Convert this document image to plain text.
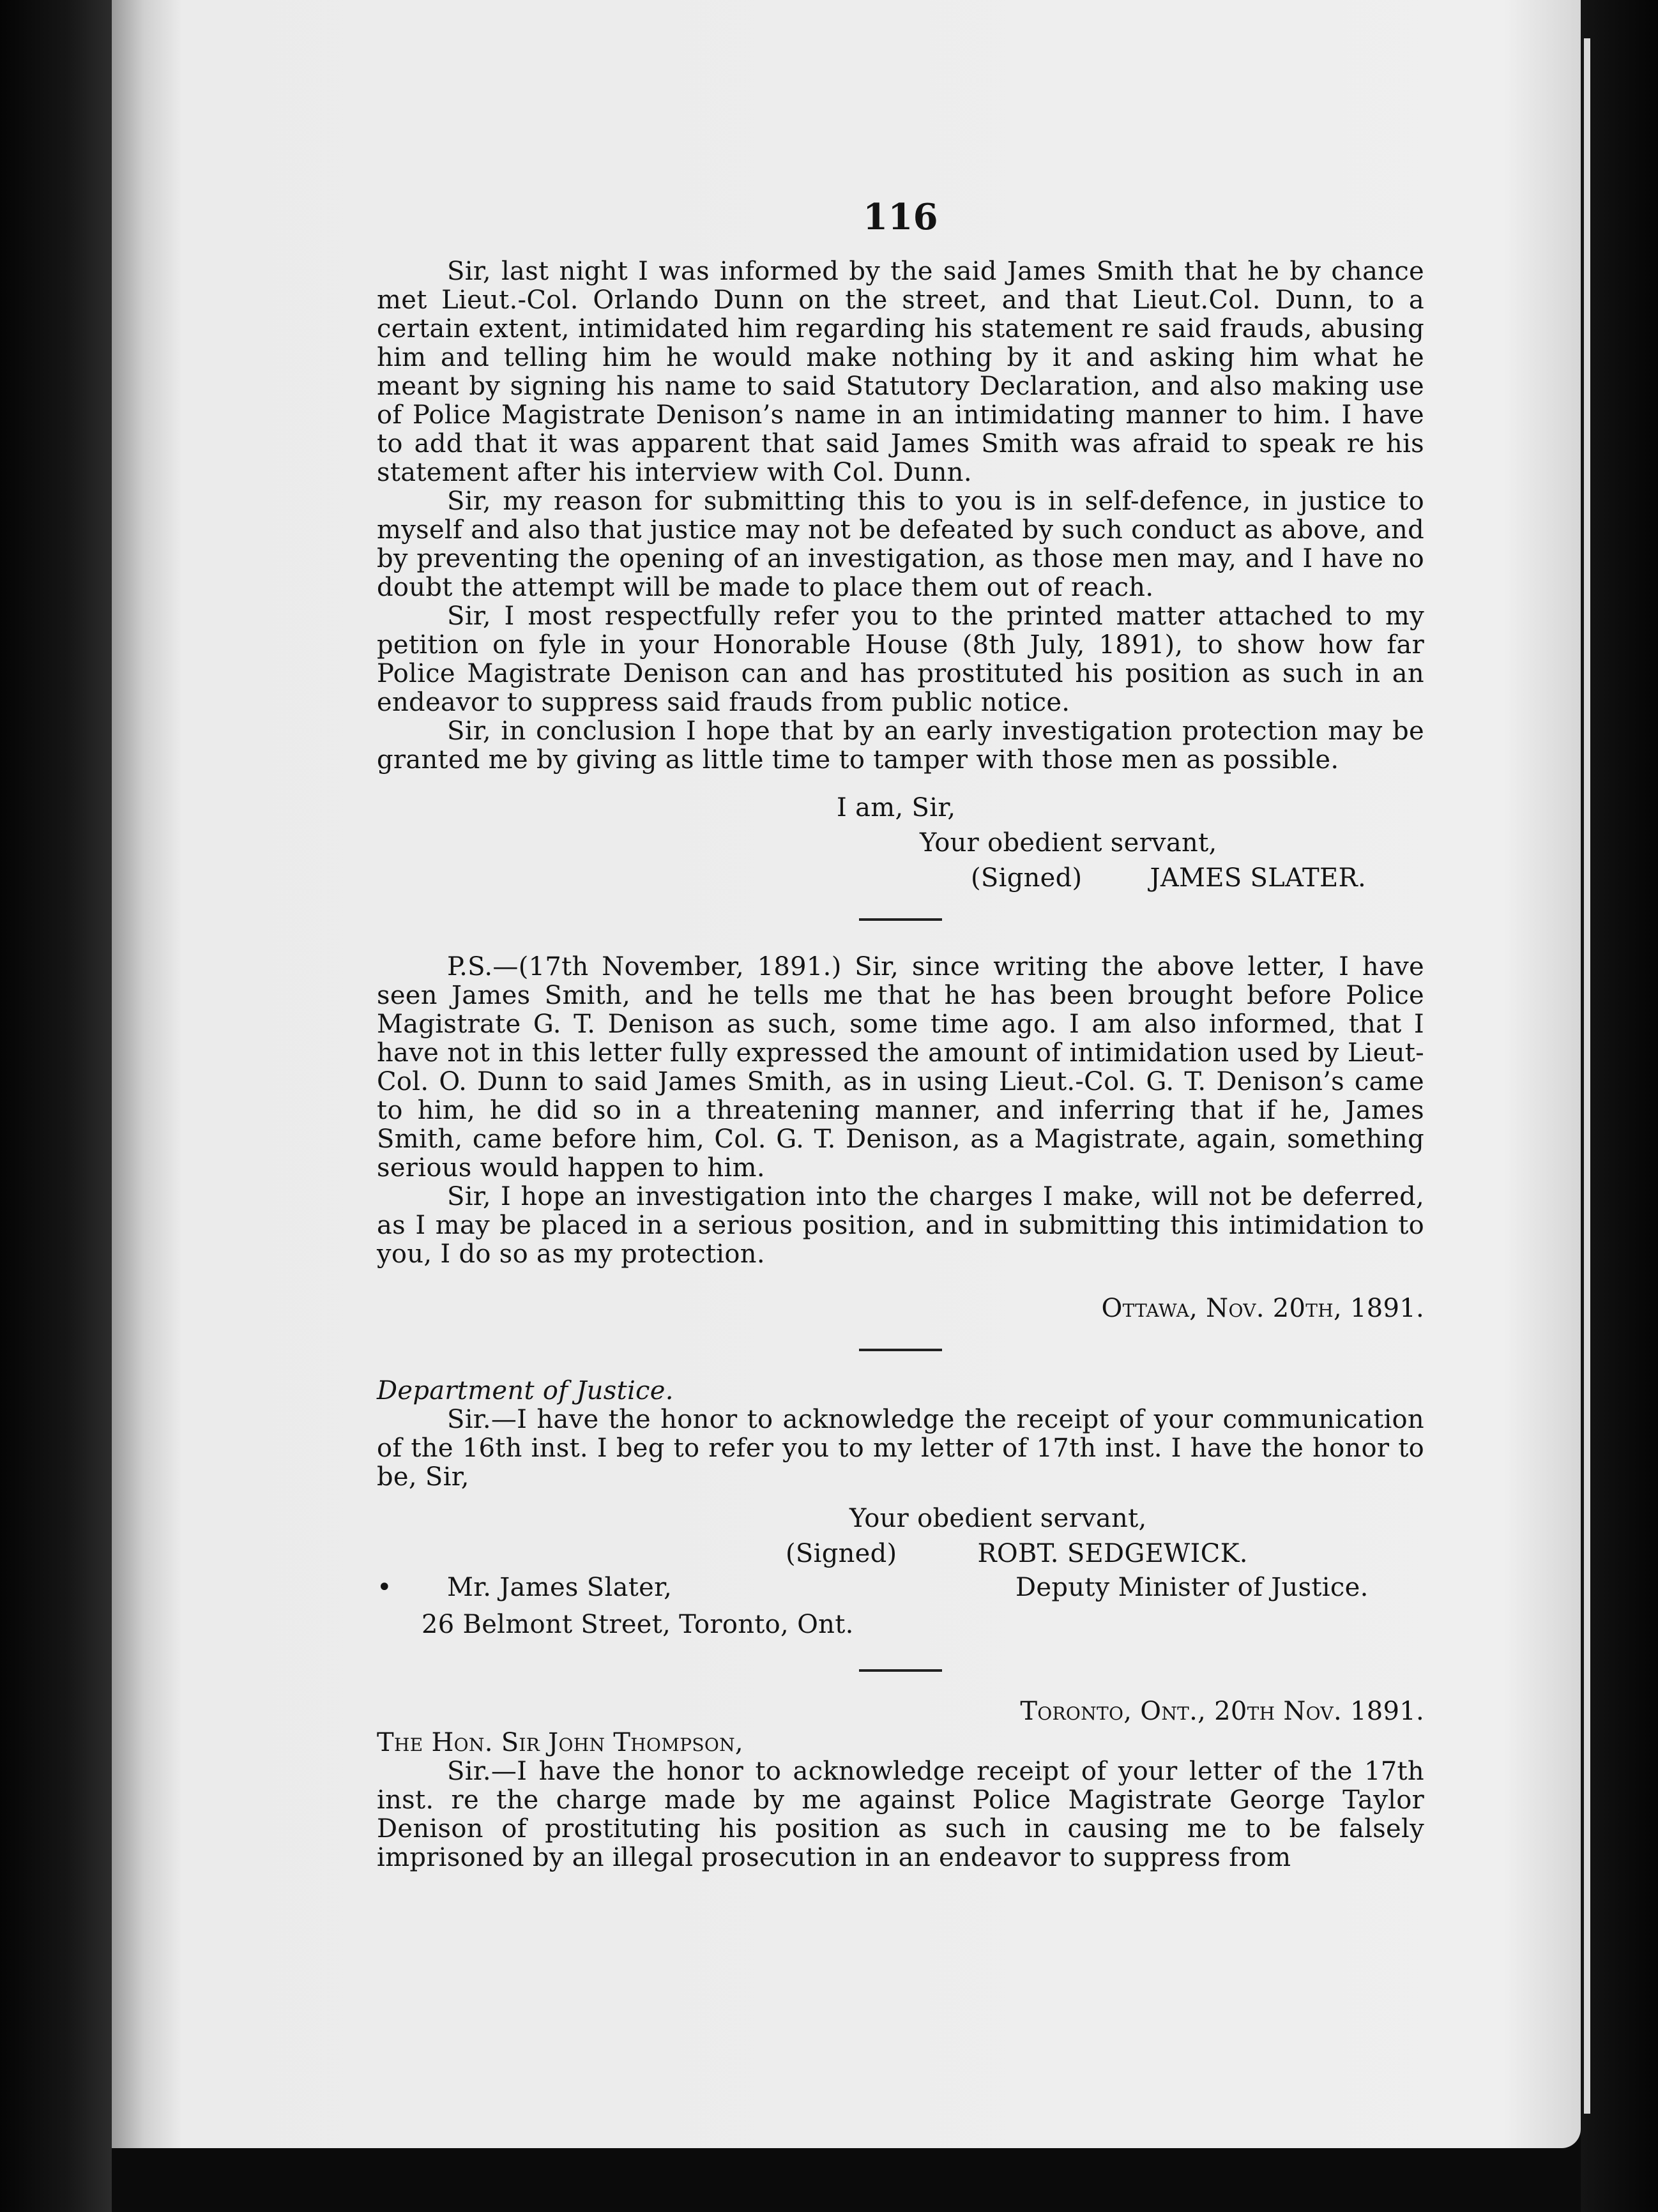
116

Sir, last night I was informed by the said James Smith that he by chance met Lieut.-Col. Orlando Dunn on the street, and that Lieut.Col. Dunn, to a certain extent, intimidated him regarding his statement re said frauds, abusing him and telling him he would make nothing by it and asking him what he meant by signing his name to said Statutory Declaration, and also making use of Police Magistrate Denison’s name in an intimidating manner to him. I have to add that it was apparent that said James Smith was afraid to speak re his statement after his interview with Col. Dunn.

Sir, my reason for submitting this to you is in self-defence, in justice to myself and also that justice may not be defeated by such conduct as above, and by preventing the opening of an investigation, as those men may, and I have no doubt the attempt will be made to place them out of reach.

Sir, I most respectfully refer you to the printed matter attached to my petition on fyle in your Honorable House (8th July, 1891), to show how far Police Magistrate Denison can and has prostituted his position as such in an endeavor to suppress said frauds from public notice.

Sir, in conclusion I hope that by an early investigation protection may be granted me by giving as little time to tamper with those men as possible.

I am, Sir,

Your obedient servant,

(Signed)	JAMES SLATER.

P.S.—(17th November, 1891.) Sir, since writing the above letter, I have seen James Smith, and he tells me that he has been brought before Police Magistrate G. T. Denison as such, some time ago. I am also informed, that I have not in this letter fully expressed the amount of intimidation used by Lieut-Col. O. Dunn to said James Smith, as in using Lieut.-Col. G. T. Denison’s came to him, he did so in a threatening manner, and inferring that if he, James Smith, came before him, Col. G. T. Denison, as a Magistrate, again, something serious would happen to him.

Sir, I hope an investigation into the charges I make, will not be deferred, as I may be placed in a serious position, and in submitting this intimidation to you, I do so as my protection.

Ottawa, Nov. 20th, 1891.

Department of Justice.

Sir.—I have the honor to acknowledge the receipt of your communication of the 16th inst. I beg to refer you to my letter of 17th inst. I have the honor to be, Sir,

Your obedient servant,

(Signed)	ROBT. SEDGEWICK.

• Mr. James Slater,	Deputy Minister of Justice.

26 Belmont Street, Toronto, Ont.

Toronto, Ont., 20th Nov. 1891.

The Hon. Sir John Thompson,

Sir.—I have the honor to acknowledge receipt of your letter of the 17th inst. re the charge made by me against Police Magistrate George Taylor Denison of prostituting his position as such in causing me to be falsely imprisoned by an illegal prosecution in an endeavor to suppress from
